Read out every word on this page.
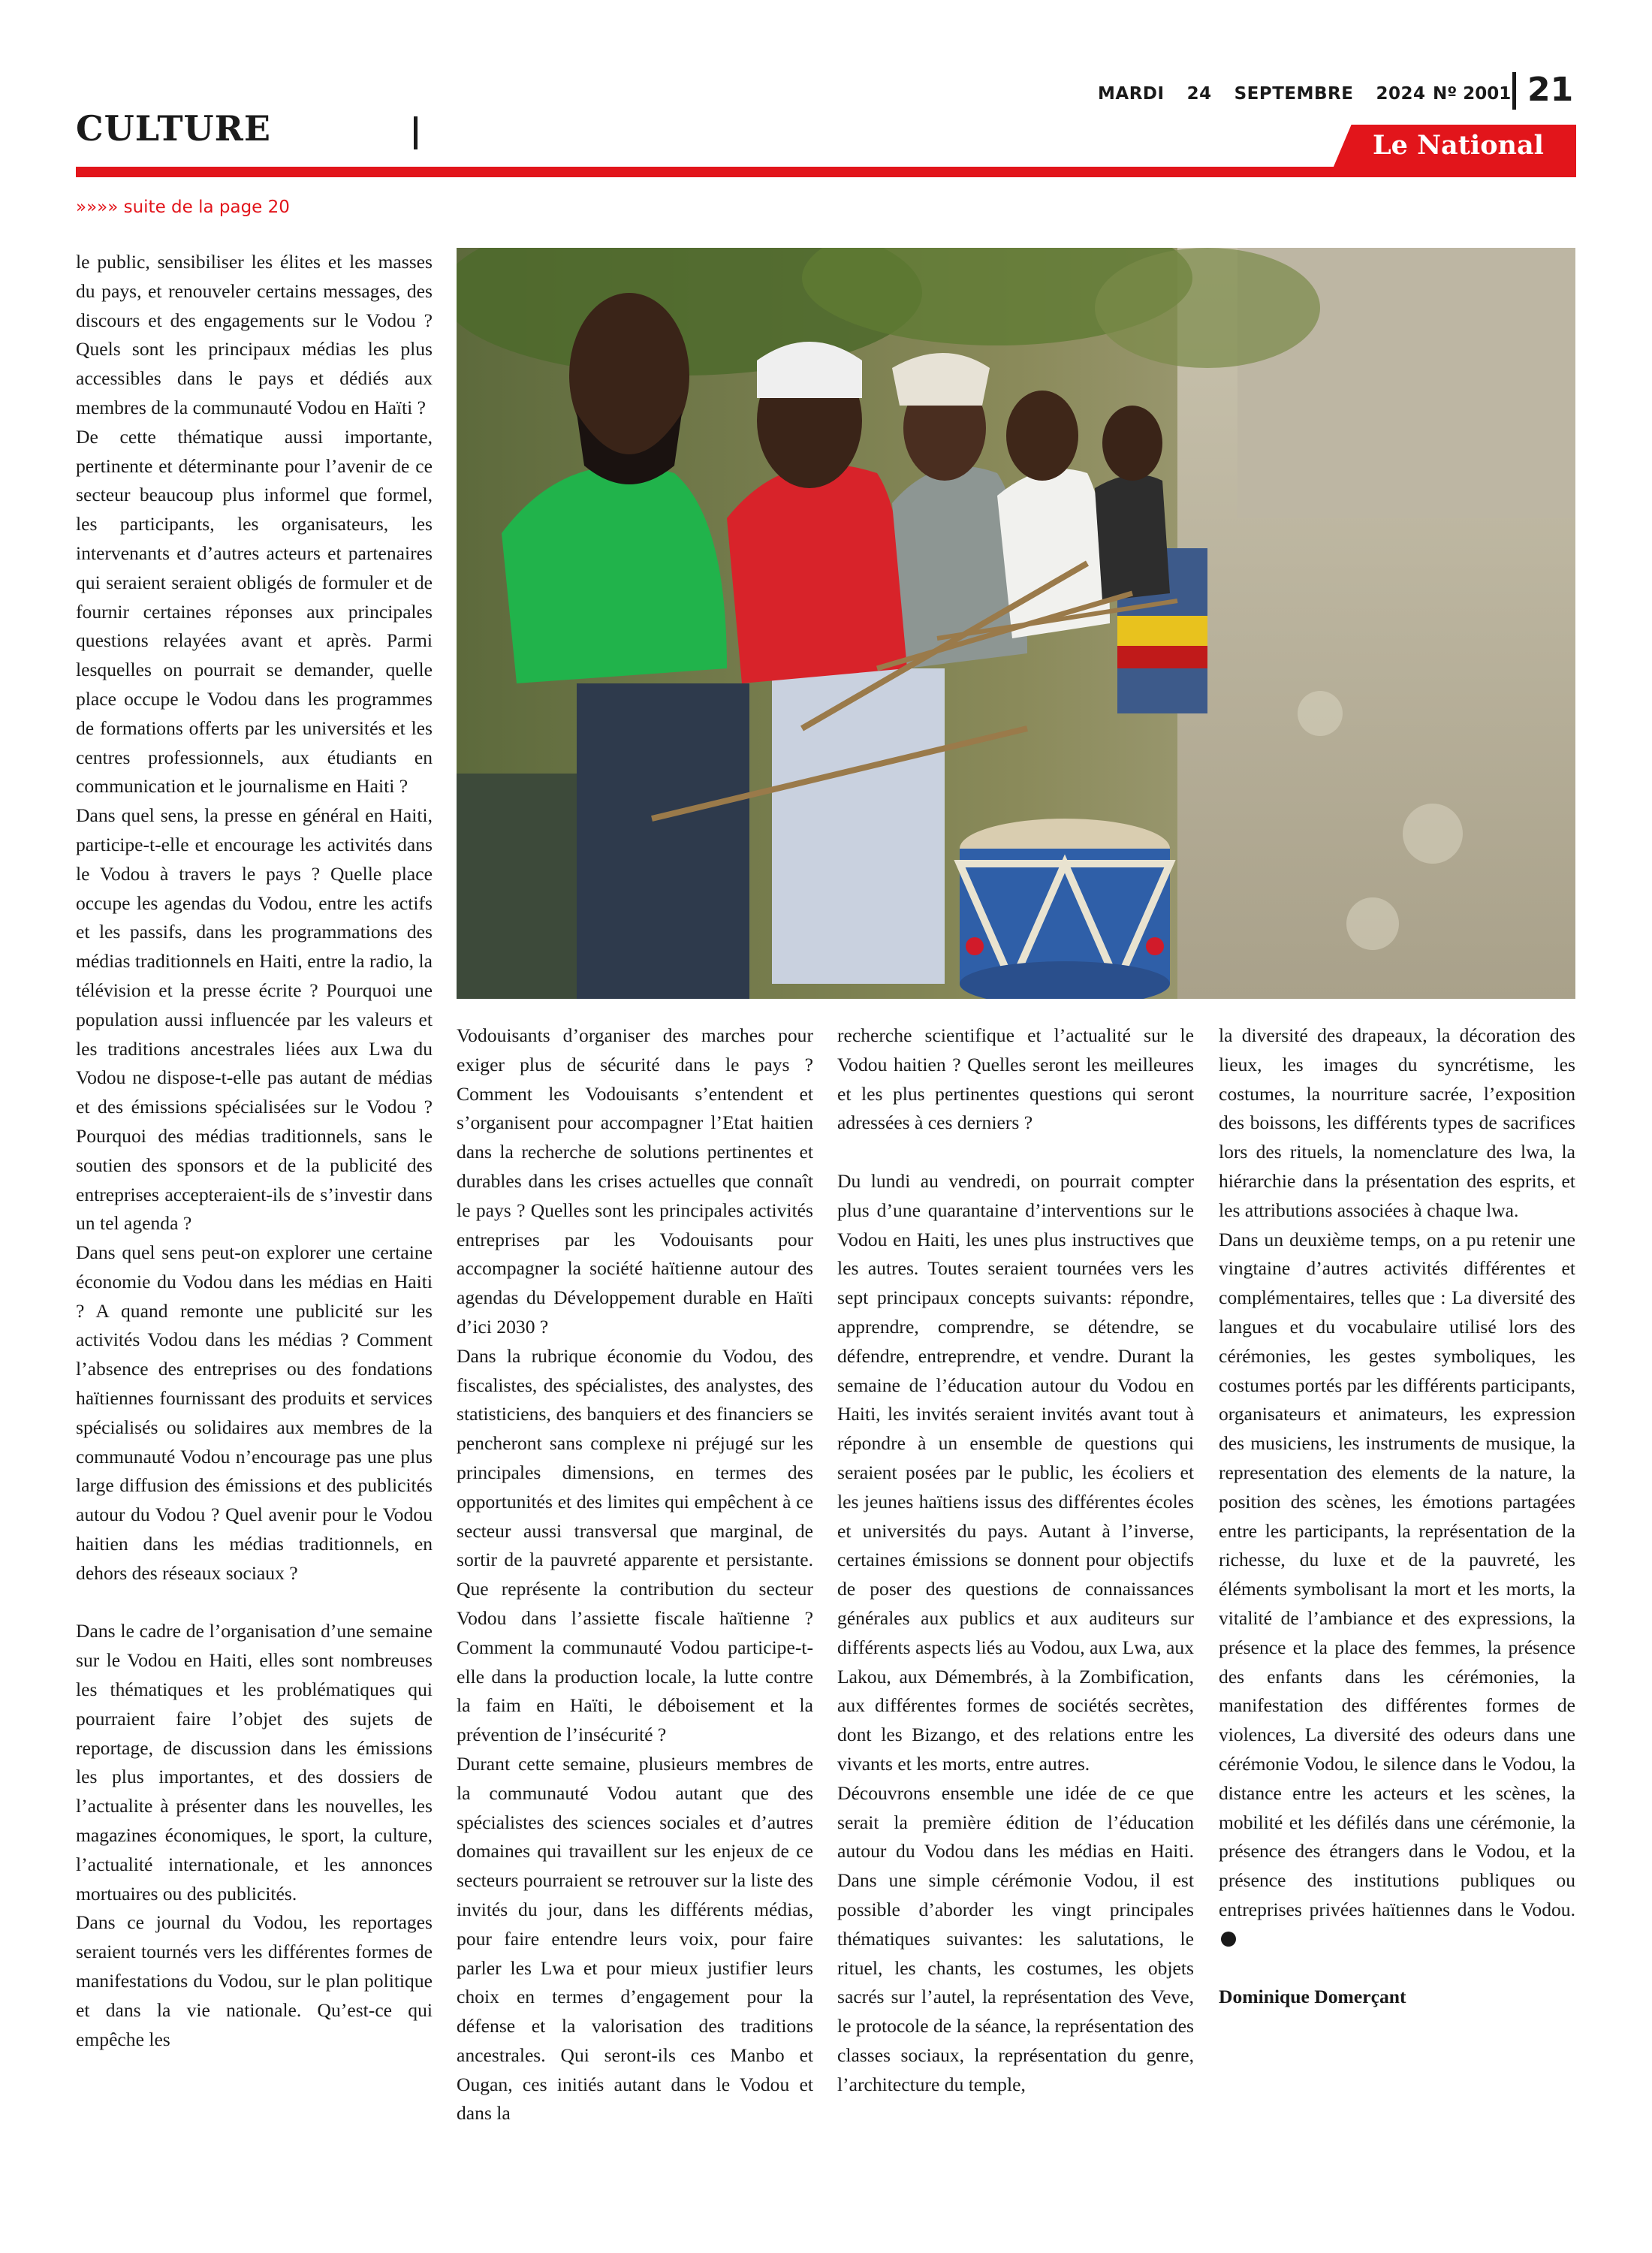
MARDI 24 SEPTEMBRE 2024 Nº 2001 21
CULTURE	Le National
»»»» suite de la page 20

le public, sensibiliser les élites et les masses du pays, et renouveler certains messages, des discours et des engagements sur le Vodou ? Quels sont les principaux médias les plus accessibles dans le pays et dédiés aux membres de la communauté Vodou en Haïti ?

De cette thématique aussi importante, pertinente et déterminante pour l’avenir de ce secteur beaucoup plus informel que formel, les participants, les organisateurs, les intervenants et d’autres acteurs et partenaires qui seraient seraient obligés de formuler et de fournir certaines réponses aux principales questions relayées avant et après. Parmi lesquelles on pourrait se demander, quelle place occupe le Vodou dans les programmes de formations offerts par les universités et les centres professionnels, aux étudiants en communication et le journalisme en Haiti ?

Dans quel sens, la presse en général en Haiti, participe-t-elle et encourage les activités dans le Vodou à travers le pays ? Quelle place occupe les agendas du Vodou, entre les actifs et les passifs, dans les programmations des médias traditionnels en Haiti, entre la radio, la télévision et la presse écrite ? Pourquoi une population aussi influencée par les valeurs et les traditions ancestrales liées aux Lwa du Vodou ne dispose-t-elle pas autant de médias et des émissions spécialisées sur le Vodou ? Pourquoi des médias traditionnels, sans le soutien des sponsors et de la publicité des entreprises accepteraient-ils de s’investir dans un tel agenda ?

Dans quel sens peut-on explorer une certaine économie du Vodou dans les médias en Haiti ? A quand remonte une publicité sur les activités Vodou dans les médias ? Comment l’absence des entreprises ou des fondations haïtiennes fournissant des produits et services spécialisés ou solidaires aux membres de la communauté Vodou n’encourage pas une plus large diffusion des émissions et des publicités autour du Vodou ? Quel avenir pour le Vodou haitien dans les médias traditionnels, en dehors des réseaux sociaux ?

Dans le cadre de l’organisation d’une semaine sur le Vodou en Haiti, elles sont nombreuses les thématiques et les problématiques qui pourraient faire l’objet des sujets de reportage, de discussion dans les émissions les plus importantes, et des dossiers de l’actualite à présenter dans les nouvelles, les magazines économiques, le sport, la culture, l’actualité internationale, et les annonces mortuaires ou des publicités.

Dans ce journal du Vodou, les reportages seraient tournés vers les différentes formes de manifestations du Vodou, sur le plan politique et dans la vie nationale. Qu’est-ce qui empêche les

Vodouisants d’organiser des marches pour exiger plus de sécurité dans le pays ? Comment les Vodouisants s’entendent et s’organisent pour accompagner l’Etat haitien dans la recherche de solutions pertinentes et durables dans les crises actuelles que connaît le pays ? Quelles sont les principales activités entreprises par les Vodouisants pour accompagner la société haïtienne autour des agendas du Développement durable en Haïti d’ici 2030 ?

Dans la rubrique économie du Vodou, des fiscalistes, des spécialistes, des analystes, des statisticiens, des banquiers et des financiers se pencheront sans complexe ni préjugé sur les principales dimensions, en termes des opportunités et des limites qui empêchent à ce secteur aussi transversal que marginal, de sortir de la pauvreté apparente et persistante. Que représente la contribution du secteur Vodou dans l’assiette fiscale haïtienne ? Comment la communauté Vodou participe-t-elle dans la production locale, la lutte contre la faim en Haïti, le déboisement et la prévention de l’insécurité ?

Durant cette semaine, plusieurs membres de la communauté Vodou autant que des spécialistes des sciences sociales et d’autres domaines qui travaillent sur les enjeux de ce secteurs pourraient se retrouver sur la liste des invités du jour, dans les différents médias, pour faire entendre leurs voix, pour faire parler les Lwa et pour mieux justifier leurs choix en termes d’engagement pour la défense et la valorisation des traditions ancestrales. Qui seront-ils ces Manbo et Ougan, ces initiés autant dans le Vodou et dans la

recherche scientifique et l’actualité sur le Vodou haitien ? Quelles seront les meilleures et les plus pertinentes questions qui seront adressées à ces derniers ?

Du lundi au vendredi, on pourrait compter plus d’une quarantaine d’interventions sur le Vodou en Haiti, les unes plus instructives que les autres. Toutes seraient tournées vers les sept principaux concepts suivants: répondre, apprendre, comprendre, se détendre, se défendre, entreprendre, et vendre. Durant la semaine de l’éducation autour du Vodou en Haiti, les invités seraient invités avant tout à répondre à un ensemble de questions qui seraient posées par le public, les écoliers et les jeunes haïtiens issus des différentes écoles et universités du pays. Autant à l’inverse, certaines émissions se donnent pour objectifs de poser des questions de connaissances générales aux publics et aux auditeurs sur différents aspects liés au Vodou, aux Lwa, aux Lakou, aux Démembrés, à la Zombification, aux différentes formes de sociétés secrètes, dont les Bizango, et des relations entre les vivants et les morts, entre autres.

Découvrons ensemble une idée de ce que serait la première édition de l’éducation autour du Vodou dans les médias en Haiti. Dans une simple cérémonie Vodou, il est possible d’aborder les vingt principales thématiques suivantes: les salutations, le rituel, les chants, les costumes, les objets sacrés sur l’autel, la représentation des Veve, le protocole de la séance, la représentation des classes sociaux, la représentation du genre, l’architecture du temple,

la diversité des drapeaux, la décoration des lieux, les images du syncrétisme, les costumes, la nourriture sacrée, l’exposition des boissons, les différents types de sacrifices lors des rituels, la nomenclature des lwa, la hiérarchie dans la présentation des esprits, et les attributions associées à chaque lwa.

Dans un deuxième temps, on a pu retenir une vingtaine d’autres activités différentes et complémentaires, telles que : La diversité des langues et du vocabulaire utilisé lors des cérémonies, les gestes symboliques, les costumes portés par les différents participants, organisateurs et animateurs, les expression des musiciens, les instruments de musique, la representation des elements de la nature, la position des scènes, les émotions partagées entre les participants, la représentation de la richesse, du luxe et de la pauvreté, les éléments symbolisant la mort et les morts, la vitalité de l’ambiance et des expressions, la présence et la place des femmes, la présence des enfants dans les cérémonies, la manifestation des différentes formes de violences, La diversité des odeurs dans une cérémonie Vodou, le silence dans le Vodou, la distance entre les acteurs et les scènes, la mobilité et les défilés dans une cérémonie, la présence des étrangers dans le Vodou, et la présence des institutions publiques ou entreprises privées haïtiennes dans le Vodou.

Dominique Domerçant
